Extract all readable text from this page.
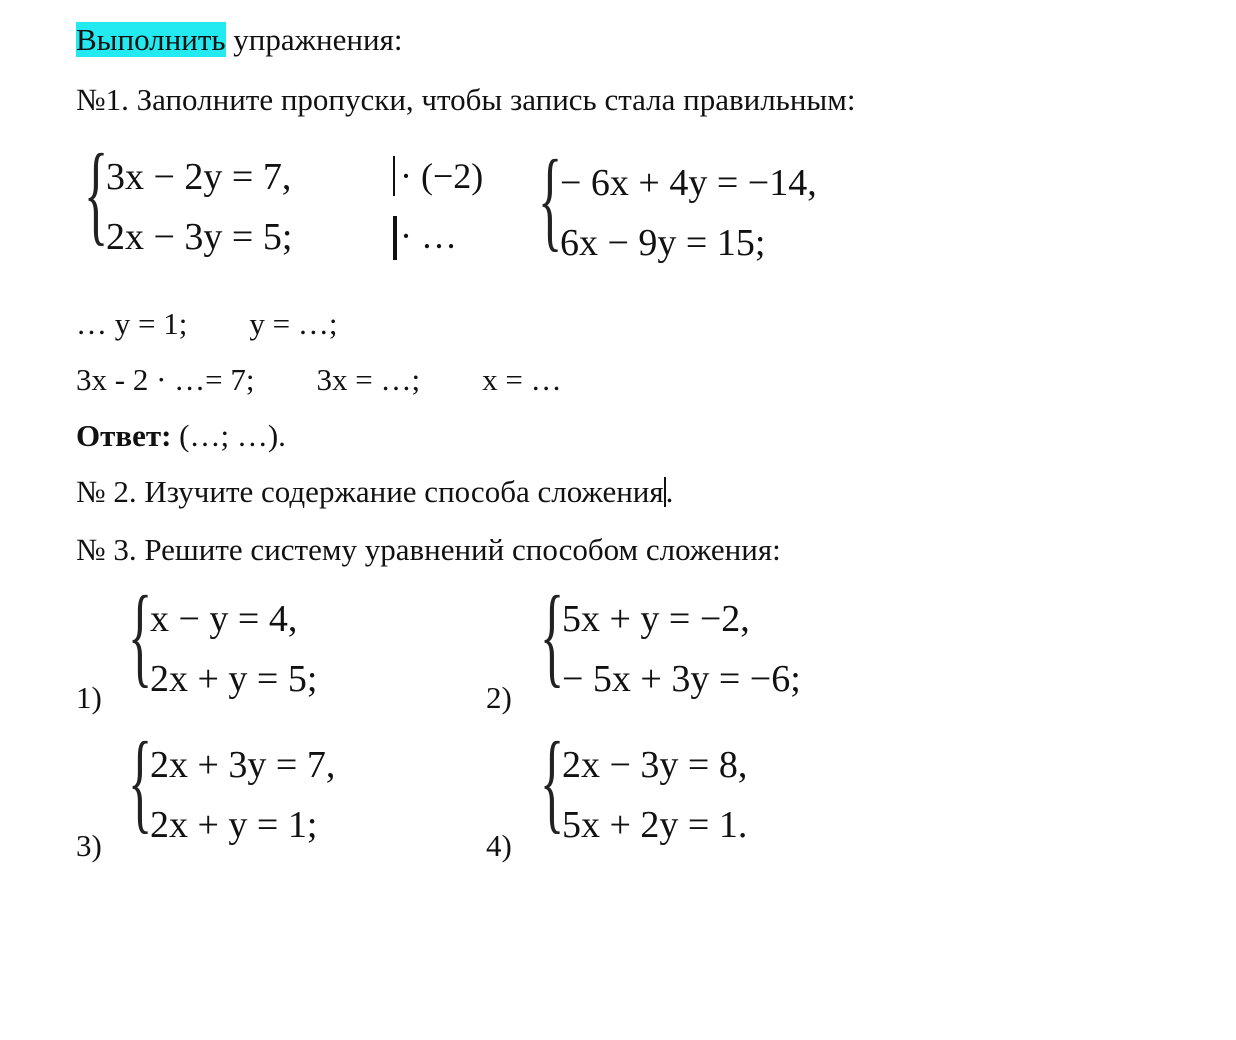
Выполнить упражнения:
№1. Заполните пропуски, чтобы запись стала правильным:
{
3x − 2y = 7,
2x − 3y = 5;
· (−2)
· … {
− 6x + 4y = −14,
6x − 9y = 15;
… y = 1;        y = …;
3x - 2 · …= 7;        3x = …;        x = …
Ответ: (…; …).
№ 2. Изучите содержание способа сложения.
№ 3. Решите систему уравнений способом сложения:
1) {
x − y = 4,
2x + y = 5;	2) {
5x + y = −2,
− 5x + 3y = −6;
3)
{
2x + 3y = 7,
2x + y = 1;	4)
{
2x − 3y = 8,
5x + 2y = 1.
